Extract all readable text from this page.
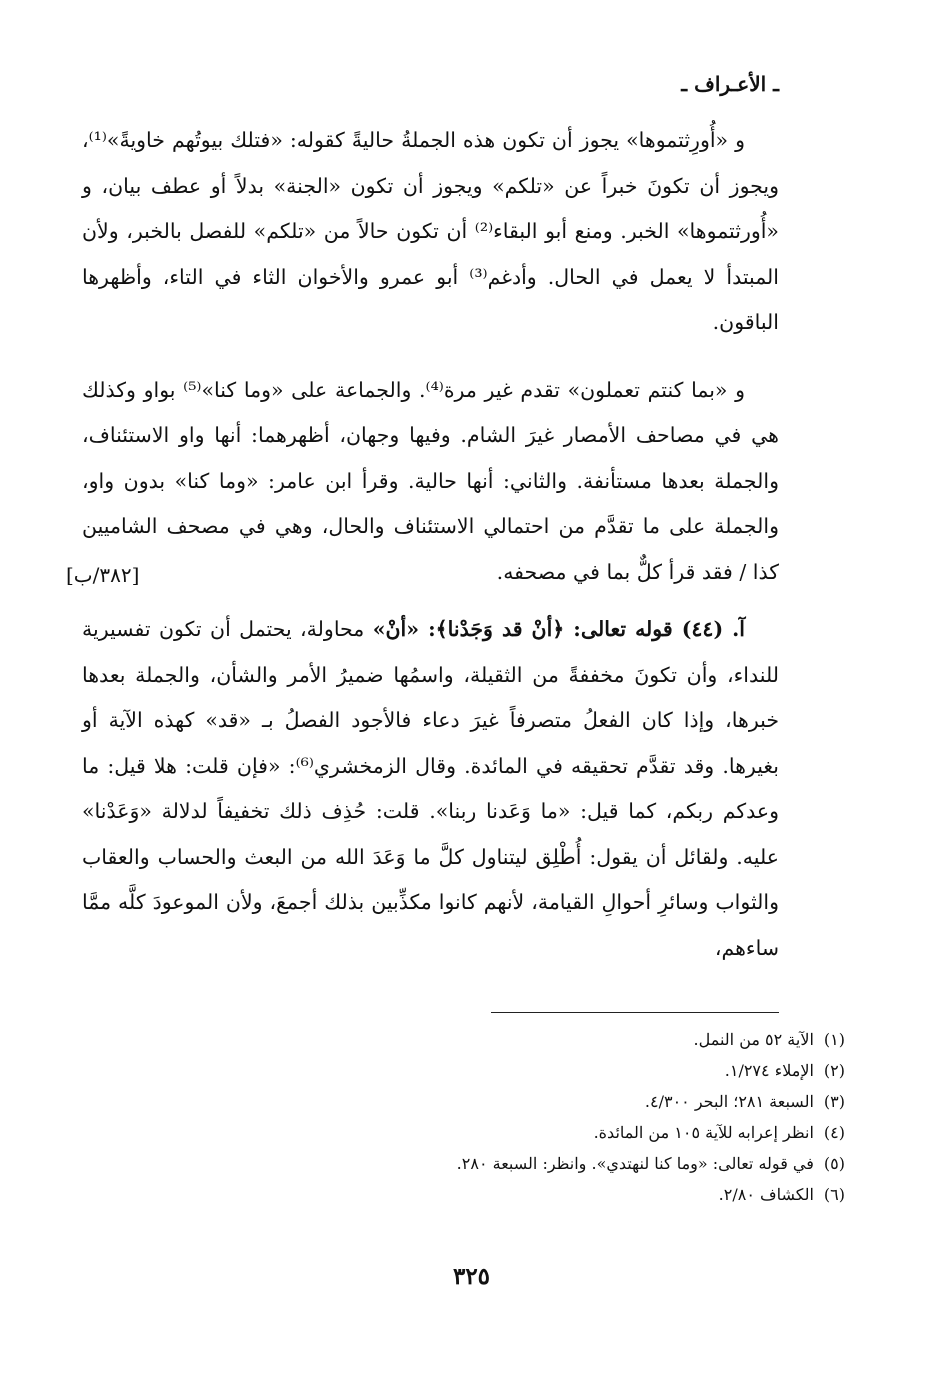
ـ الأعـراف ـ

و «أُورِثتموها» يجوز أن تكون هذه الجملةُ حاليةً كقوله: «فتلك بيوتُهم خاويةً»⁽¹⁾، ويجوز أن تكونَ خبراً عن «تلكم» ويجوز أن تكون «الجنة» بدلاً أو عطف بيان، و «أُورثتموها» الخبر. ومنع أبو البقاء⁽²⁾ أن تكون حالاً من «تلكم» للفصل بالخبر، ولأن المبتدأ لا يعمل في الحال. وأدغم⁽³⁾ أبو عمرو والأخوان الثاء في التاء، وأظهرها الباقون.

و «بما كنتم تعملون» تقدم غير مرة⁽⁴⁾. والجماعة على «وما كنا»⁽⁵⁾ بواو وكذلك هي في مصاحف الأمصار غيرَ الشام. وفيها وجهان، أظهرهما: أنها واو الاستئناف، والجملة بعدها مستأنفة. والثاني: أنها حالية. وقرأ ابن عامر: «وما كنا» بدون واو، والجملة على ما تقدَّم من احتمالي الاستئناف والحال، وهي في مصحف الشاميين كذا / فقد قرأ كلٌّ بما في مصحفه.

آ. (٤٤) قوله تعالى: ﴿أنْ قد وَجَدْنا﴾: «أنْ» محاولة، يحتمل أن تكون تفسيرية للنداء، وأن تكونَ مخففةً من الثقيلة، واسمُها ضميرُ الأمر والشأن، والجملة بعدها خبرها، وإذا كان الفعلُ متصرفاً غيرَ دعاء فالأجود الفصلُ بـ «قد» كهذه الآية أو بغيرها. وقد تقدَّم تحقيقه في المائدة. وقال الزمخشري⁽⁶⁾: «فإن قلت: هلا قيل: ما وعدكم ربكم، كما قيل: «ما وَعَدنا ربنا». قلت: حُذِف ذلك تخفيفاً لدلالة «وَعَدْنا» عليه. ولقائل أن يقول: أُطْلِق ليتناول كلَّ ما وَعَدَ الله من البعث والحساب والعقاب والثواب وسائرِ أحوالِ القيامة، لأنهم كانوا مكذِّبين بذلك أجمعَ، ولأن الموعودَ كلَّه ممَّا ساءهم،

[٣٨٢/ب]
(١)الآية ٥٢ من النمل.
(٢)الإملاء ١/٢٧٤.
(٣)السبعة ٢٨١؛ البحر ٤/٣٠٠.
(٤)انظر إعرابه للآية ١٠٥ من المائدة.
(٥)في قوله تعالى: «وما كنا لنهتدي». وانظر: السبعة ٢٨٠.
(٦)الكشاف ٢/٨٠.
٣٢٥
